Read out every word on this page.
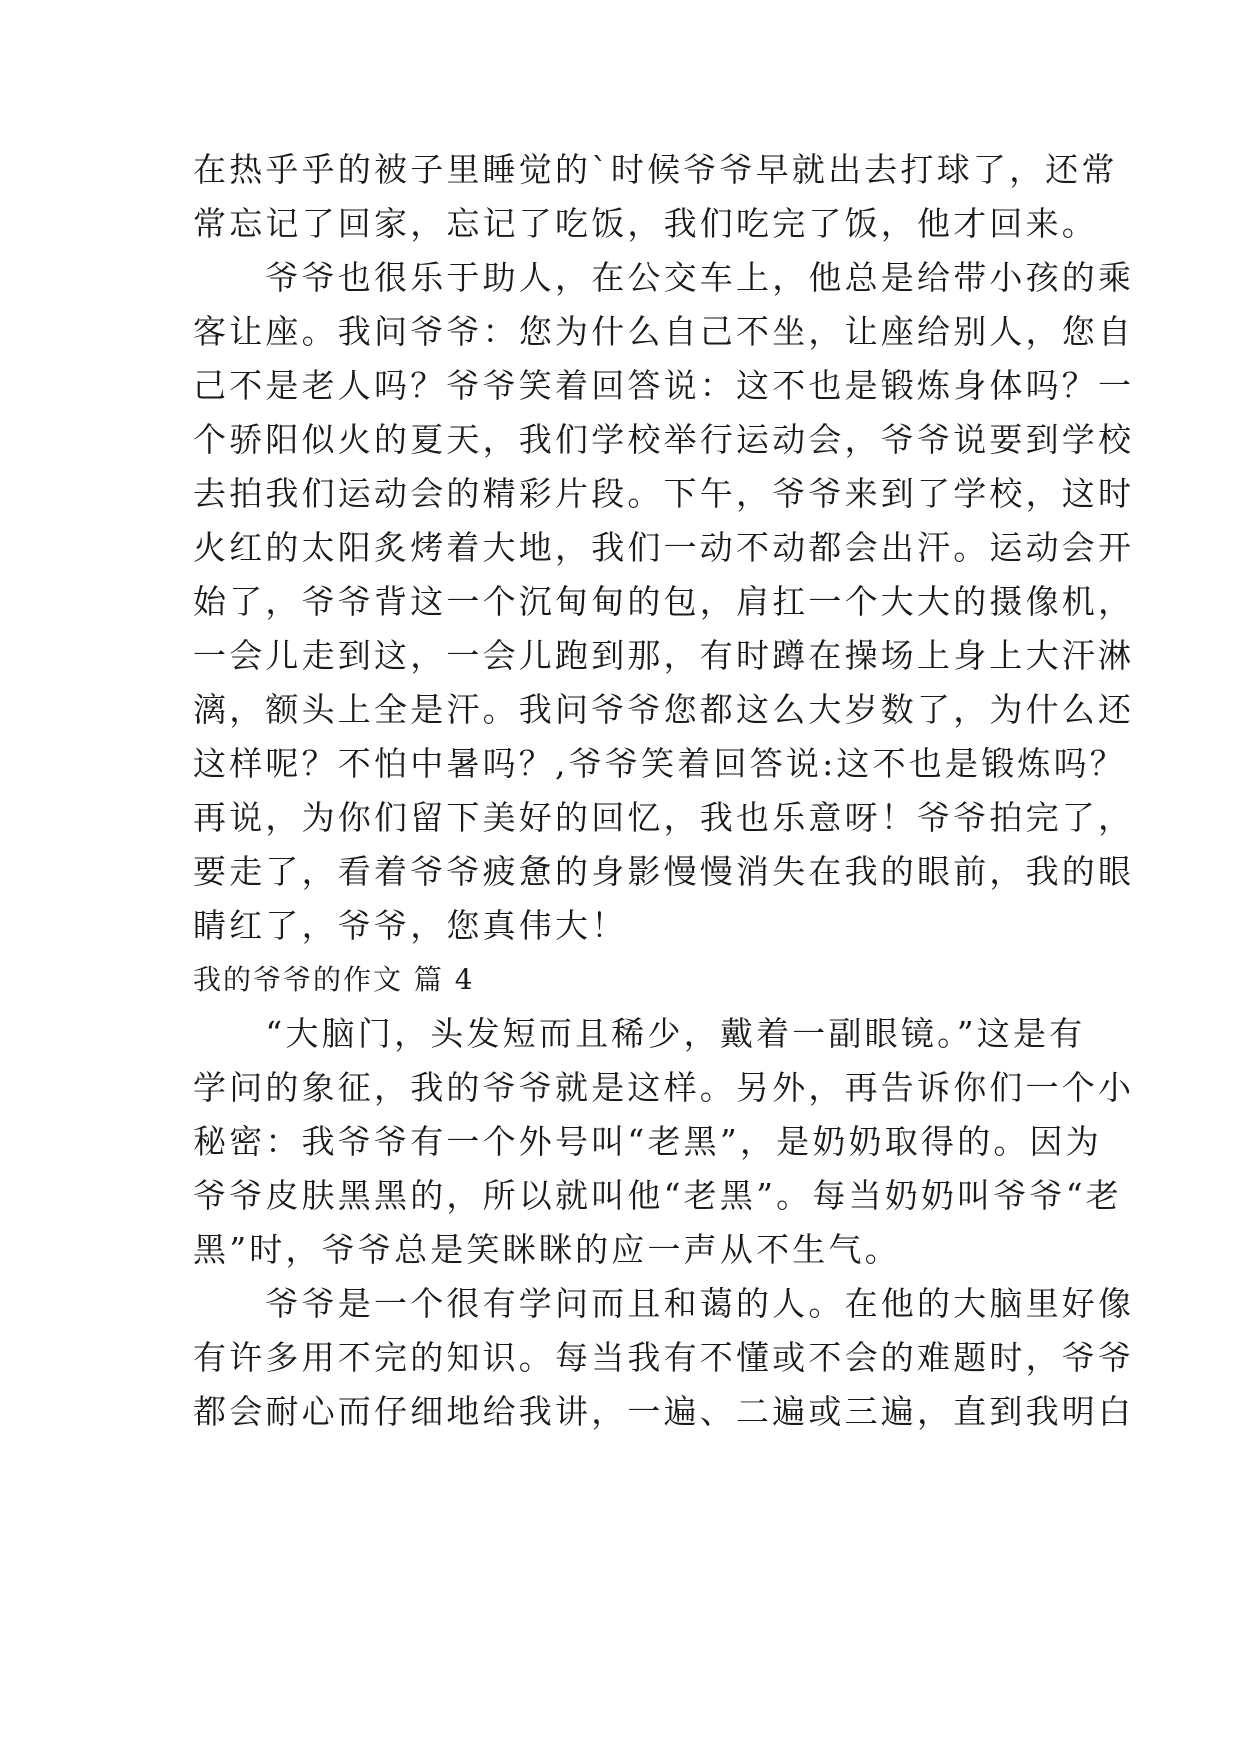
在热乎乎的被子里睡觉的`时候爷爷早就出去打球了，还常
常忘记了回家，忘记了吃饭，我们吃完了饭，他才回来。
　　爷爷也很乐于助人，在公交车上，他总是给带小孩的乘
客让座。我问爷爷：您为什么自己不坐，让座给别人，您自
己不是老人吗？爷爷笑着回答说：这不也是锻炼身体吗？一
个骄阳似火的夏天，我们学校举行运动会，爷爷说要到学校
去拍我们运动会的精彩片段。下午，爷爷来到了学校，这时
火红的太阳炙烤着大地，我们一动不动都会出汗。运动会开
始了，爷爷背这一个沉甸甸的包，肩扛一个大大的摄像机，
一会儿走到这，一会儿跑到那，有时蹲在操场上身上大汗淋
漓，额头上全是汗。我问爷爷您都这么大岁数了，为什么还
这样呢？不怕中暑吗？,爷爷笑着回答说:这不也是锻炼吗？
再说，为你们留下美好的回忆，我也乐意呀！爷爷拍完了，
要走了，看着爷爷疲惫的身影慢慢消失在我的眼前，我的眼
睛红了，爷爷，您真伟大！
我的爷爷的作文 篇 4
　　“大脑门，头发短而且稀少，戴着一副眼镜。”这是有
学问的象征，我的爷爷就是这样。另外，再告诉你们一个小
秘密：我爷爷有一个外号叫“老黑”，是奶奶取得的。因为
爷爷皮肤黑黑的，所以就叫他“老黑”。每当奶奶叫爷爷“老
黑”时，爷爷总是笑眯眯的应一声从不生气。
　　爷爷是一个很有学问而且和蔼的人。在他的大脑里好像
有许多用不完的知识。每当我有不懂或不会的难题时，爷爷
都会耐心而仔细地给我讲，一遍、二遍或三遍，直到我明白
